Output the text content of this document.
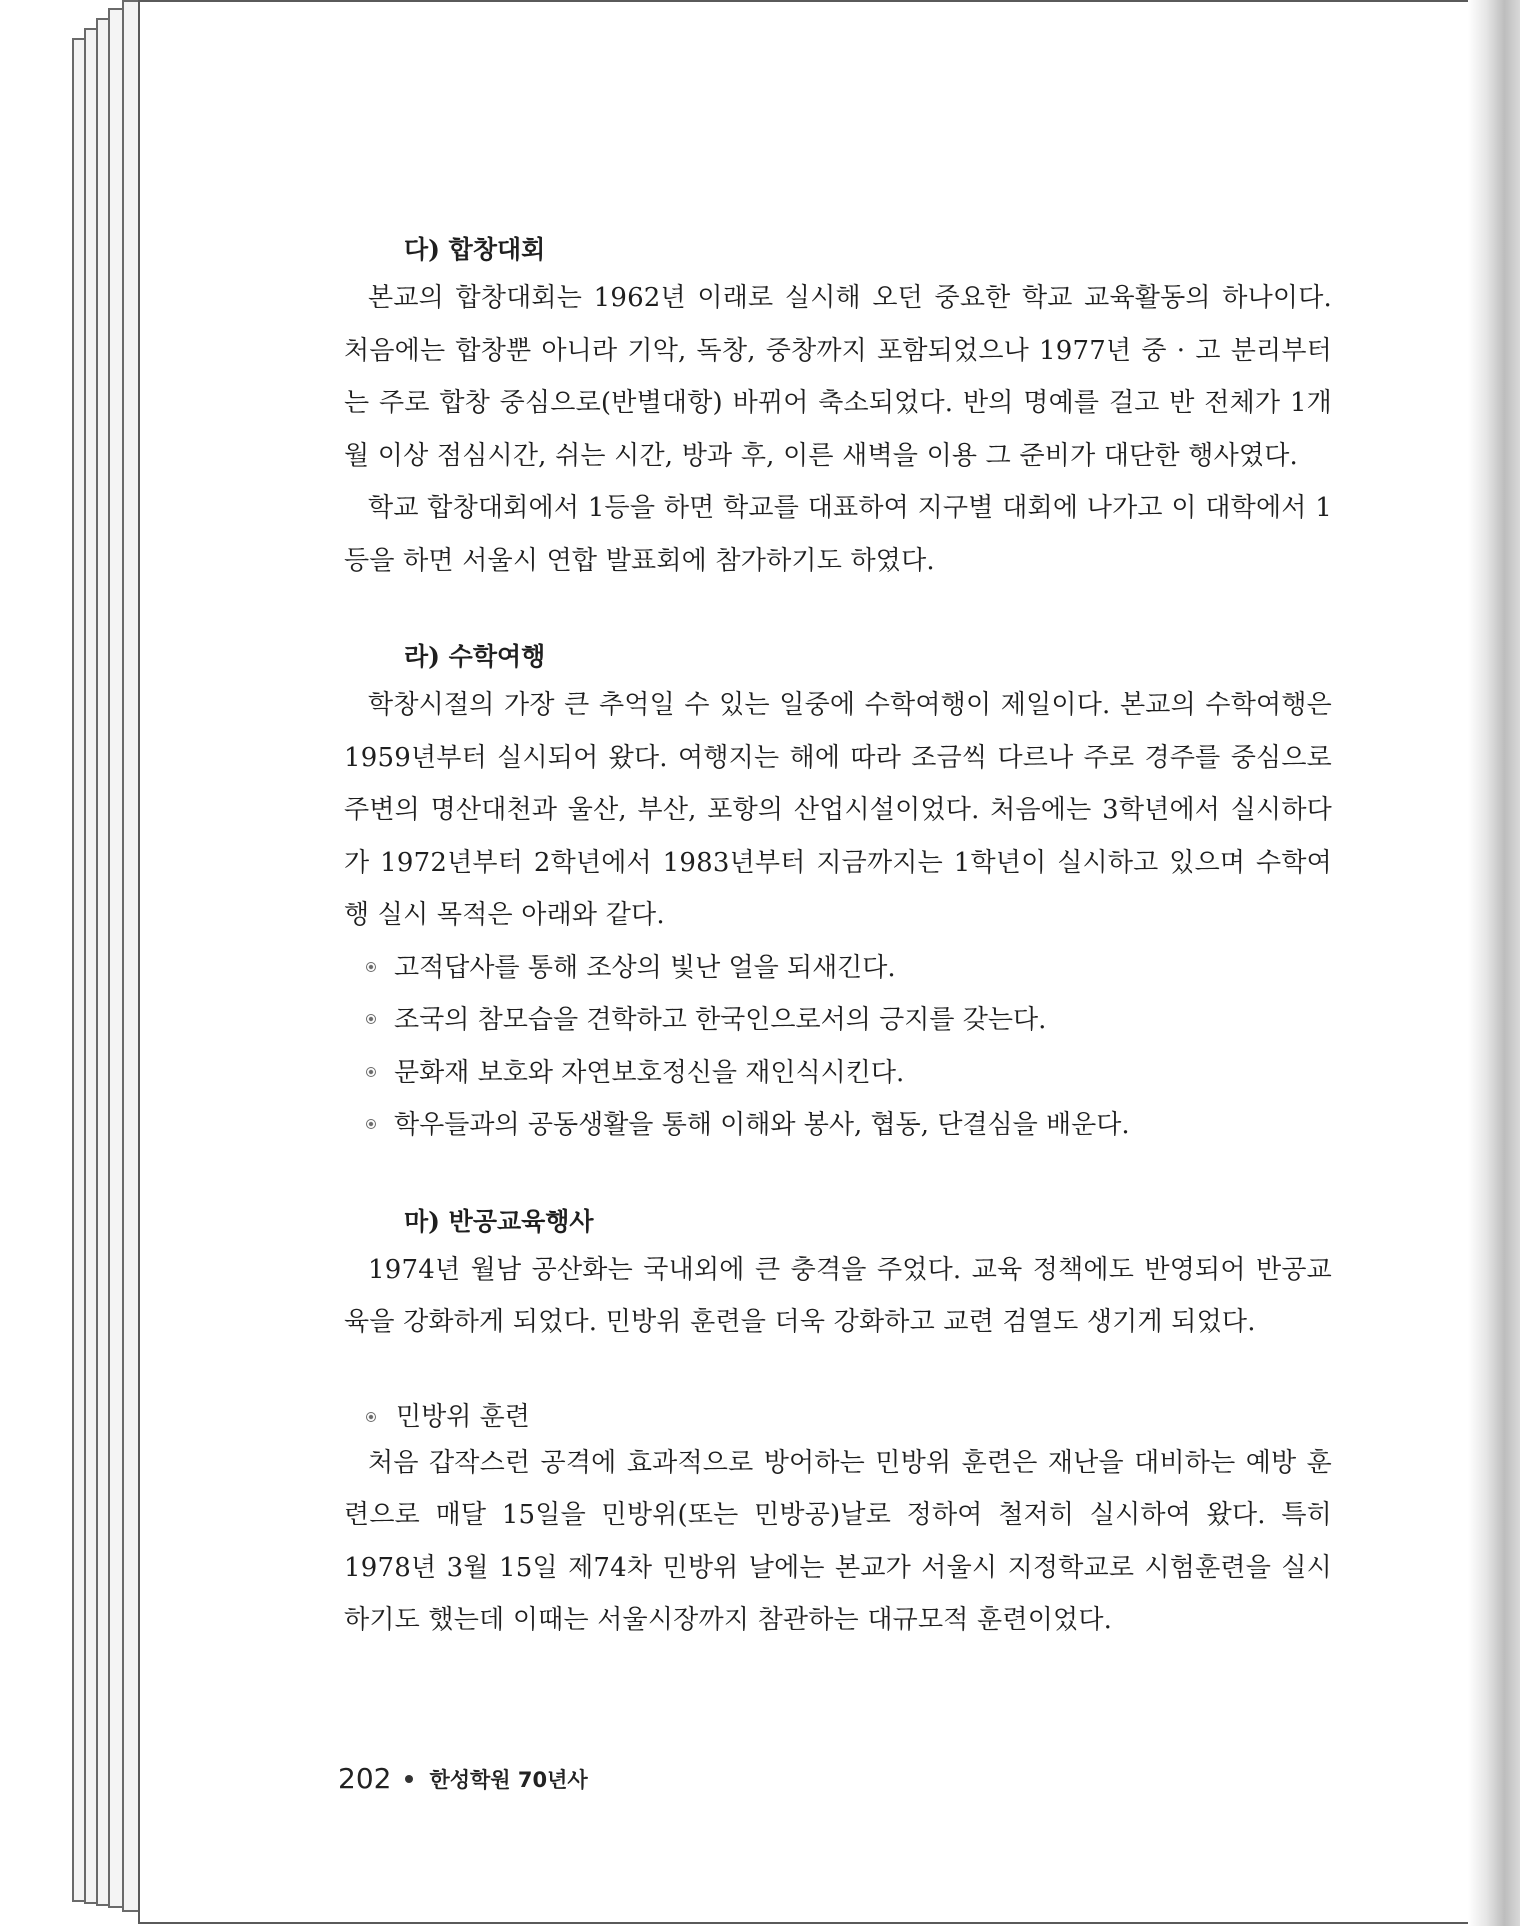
다) 합창대회

본교의 합창대회는 1962년 이래로 실시해 오던 중요한 학교 교육활동의 하나이다. 처음에는 합창뿐 아니라 기악, 독창, 중창까지 포함되었으나 1977년 중 · 고 분리부터는 주로 합창 중심으로(반별대항) 바뀌어 축소되었다. 반의 명예를 걸고 반 전체가 1개월 이상 점심시간, 쉬는 시간, 방과 후, 이른 새벽을 이용 그 준비가 대단한 행사였다.

학교 합창대회에서 1등을 하면 학교를 대표하여 지구별 대회에 나가고 이 대학에서 1등을 하면 서울시 연합 발표회에 참가하기도 하였다.

라) 수학여행

학창시절의 가장 큰 추억일 수 있는 일중에 수학여행이 제일이다. 본교의 수학여행은 1959년부터 실시되어 왔다. 여행지는 해에 따라 조금씩 다르나 주로 경주를 중심으로 주변의 명산대천과 울산, 부산, 포항의 산업시설이었다. 처음에는 3학년에서 실시하다가 1972년부터 2학년에서 1983년부터 지금까지는 1학년이 실시하고 있으며 수학여행 실시 목적은 아래와 같다.

고적답사를 통해 조상의 빛난 얼을 되새긴다.
조국의 참모습을 견학하고 한국인으로서의 긍지를 갖는다.
문화재 보호와 자연보호정신을 재인식시킨다.
학우들과의 공동생활을 통해 이해와 봉사, 협동, 단결심을 배운다.
마) 반공교육행사

1974년 월남 공산화는 국내외에 큰 충격을 주었다. 교육 정책에도 반영되어 반공교육을 강화하게 되었다. 민방위 훈련을 더욱 강화하고 교련 검열도 생기게 되었다.

민방위 훈련

처음 갑작스런 공격에 효과적으로 방어하는 민방위 훈련은 재난을 대비하는 예방 훈련으로 매달 15일을 민방위(또는 민방공)날로 정하여 철저히 실시하여 왔다. 특히 1978년 3월 15일 제74차 민방위 날에는 본교가 서울시 지정학교로 시험훈련을 실시하기도 했는데 이때는 서울시장까지 참관하는 대규모적 훈련이었다.

202 한성학원 70년사
